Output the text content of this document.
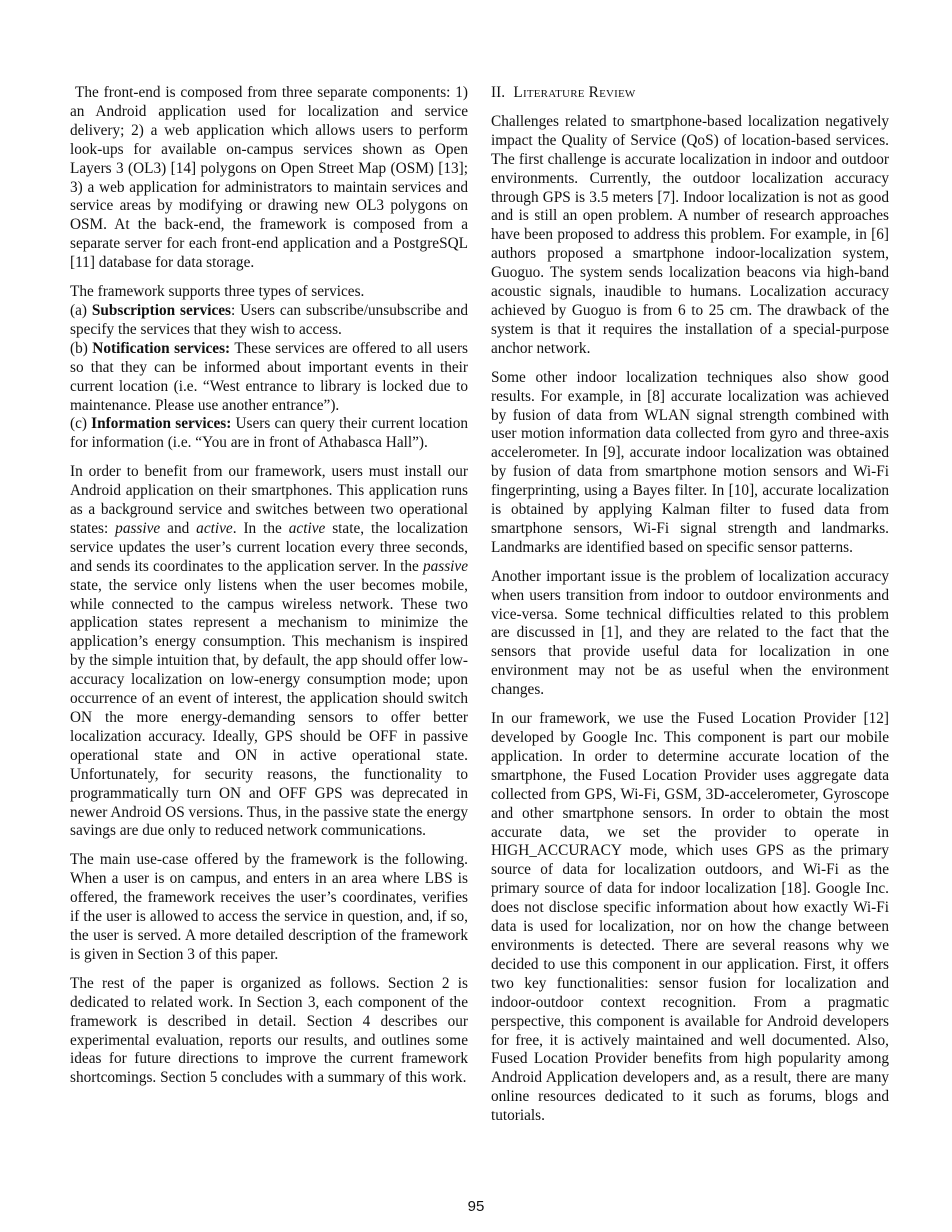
The front-end is composed from three separate components: 1) an Android application used for localization and service delivery; 2) a web application which allows users to perform look-ups for available on-campus services shown as Open Layers 3 (OL3) [14] polygons on Open Street Map (OSM) [13]; 3) a web application for administrators to maintain services and service areas by modifying or drawing new OL3 polygons on OSM. At the back-end, the framework is composed from a separate server for each front-end application and a PostgreSQL [11] database for data storage.

The framework supports three types of services.

(a) Subscription services: Users can subscribe/unsubscribe and specify the services that they wish to access.

(b) Notification services: These services are offered to all users so that they can be informed about important events in their current location (i.e. “West entrance to library is locked due to maintenance. Please use another entrance”).

(c) Information services: Users can query their current location for information (i.e. “You are in front of Athabasca Hall”).

In order to benefit from our framework, users must install our Android application on their smartphones. This application runs as a background service and switches between two operational states: passive and active. In the active state, the localization service updates the user’s current location every three seconds, and sends its coordinates to the application server. In the passive state, the service only listens when the user becomes mobile, while connected to the campus wireless network. These two application states represent a mechanism to minimize the application’s energy consumption. This mechanism is inspired by the simple intuition that, by default, the app should offer low-accuracy localization on low-energy consumption mode; upon occurrence of an event of interest, the application should switch ON the more energy-demanding sensors to offer better localization accuracy. Ideally, GPS should be OFF in passive operational state and ON in active operational state. Unfortunately, for security reasons, the functionality to programmatically turn ON and OFF GPS was deprecated in newer Android OS versions. Thus, in the passive state the energy savings are due only to reduced network communications.

The main use-case offered by the framework is the following. When a user is on campus, and enters in an area where LBS is offered, the framework receives the user’s coordinates, verifies if the user is allowed to access the service in question, and, if so, the user is served. A more detailed description of the framework is given in Section 3 of this paper.

The rest of the paper is organized as follows. Section 2 is dedicated to related work. In Section 3, each component of the framework is described in detail. Section 4 describes our experimental evaluation, reports our results, and outlines some ideas for future directions to improve the current framework shortcomings. Section 5 concludes with a summary of this work.

II. Literature Review

Challenges related to smartphone-based localization negatively impact the Quality of Service (QoS) of location-based services. The first challenge is accurate localization in indoor and outdoor environments. Currently, the outdoor localization accuracy through GPS is 3.5 meters [7]. Indoor localization is not as good and is still an open problem. A number of research approaches have been proposed to address this problem. For example, in [6] authors proposed a smartphone indoor-localization system, Guoguo. The system sends localization beacons via high-band acoustic signals, inaudible to humans. Localization accuracy achieved by Guoguo is from 6 to 25 cm. The drawback of the system is that it requires the installation of a special-purpose anchor network.

Some other indoor localization techniques also show good results. For example, in [8] accurate localization was achieved by fusion of data from WLAN signal strength combined with user motion information data collected from gyro and three-axis accelerometer. In [9], accurate indoor localization was obtained by fusion of data from smartphone motion sensors and Wi-Fi fingerprinting, using a Bayes filter. In [10], accurate localization is obtained by applying Kalman filter to fused data from smartphone sensors, Wi-Fi signal strength and landmarks. Landmarks are identified based on specific sensor patterns.

Another important issue is the problem of localization accuracy when users transition from indoor to outdoor environments and vice-versa. Some technical difficulties related to this problem are discussed in [1], and they are related to the fact that the sensors that provide useful data for localization in one environment may not be as useful when the environment changes.

In our framework, we use the Fused Location Provider [12] developed by Google Inc. This component is part our mobile application. In order to determine accurate location of the smartphone, the Fused Location Provider uses aggregate data collected from GPS, Wi-Fi, GSM, 3D-accelerometer, Gyroscope and other smartphone sensors. In order to obtain the most accurate data, we set the provider to operate in HIGH_ACCURACY mode, which uses GPS as the primary source of data for localization outdoors, and Wi-Fi as the primary source of data for indoor localization [18]. Google Inc. does not disclose specific information about how exactly Wi-Fi data is used for localization, nor on how the change between environments is detected. There are several reasons why we decided to use this component in our application. First, it offers two key functionalities: sensor fusion for localization and indoor-outdoor context recognition. From a pragmatic perspective, this component is available for Android developers for free, it is actively maintained and well documented. Also, Fused Location Provider benefits from high popularity among Android Application developers and, as a result, there are many online resources dedicated to it such as forums, blogs and tutorials.

95
